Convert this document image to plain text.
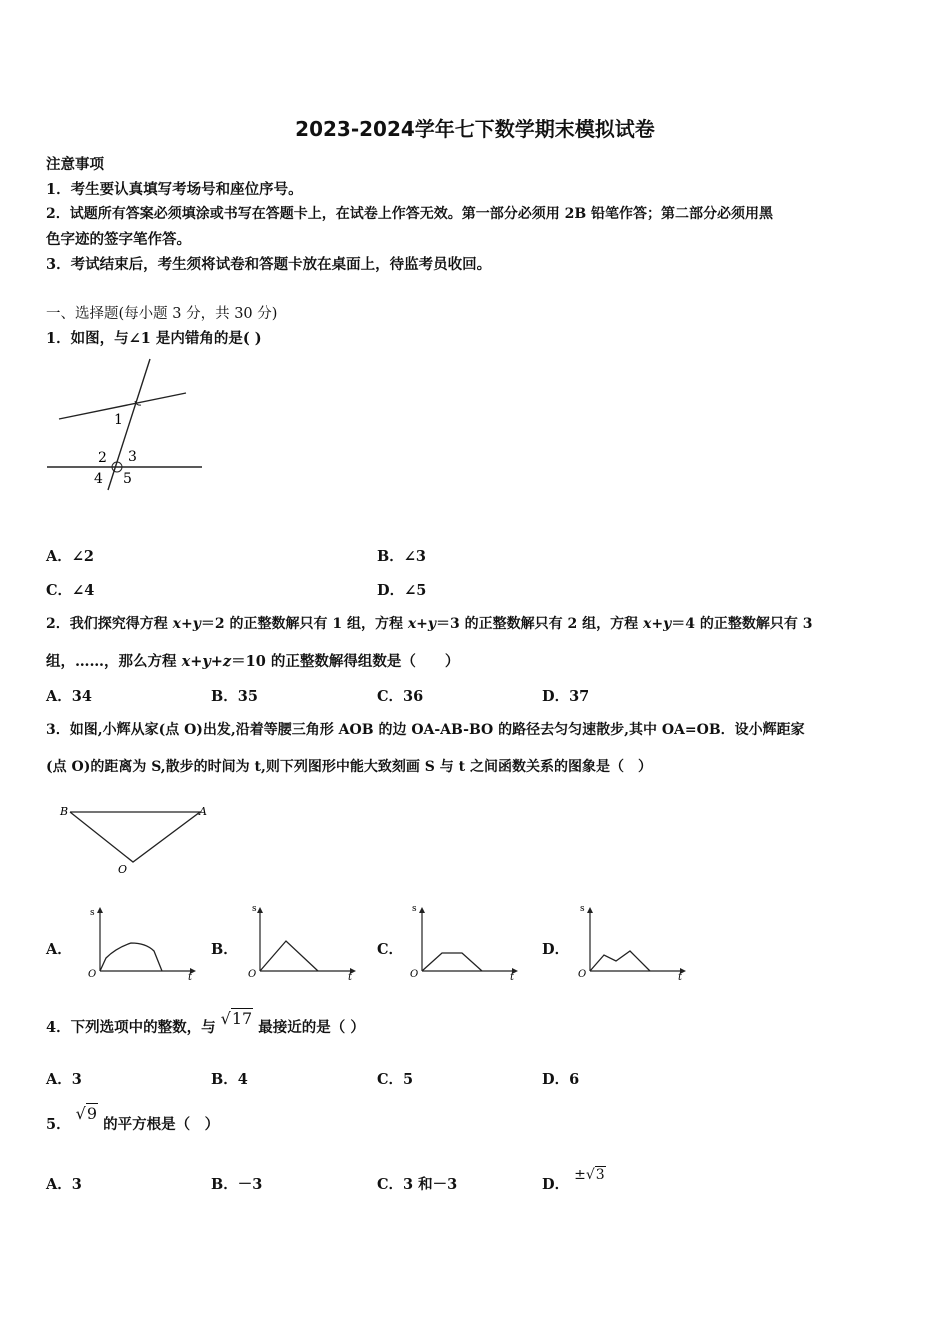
2023-2024学年七下数学期末模拟试卷
注意事项
1．考生要认真填写考场号和座位序号。
2．试题所有答案必须填涂或书写在答题卡上，在试卷上作答无效。第一部分必须用 2B 铅笔作答；第二部分必须用黑
色字迹的签字笔作答。
3．考试结束后，考生须将试卷和答题卡放在桌面上，待监考员收回。
一、选择题(每小题 3 分，共 30 分)
1．如图，与∠1 是内错角的是( )
1
2 3
4 5
A．∠2	B．∠3
C．∠4	D．∠5
2．我们探究得方程 x+y＝2 的正整数解只有 1 组，方程 x+y＝3 的正整数解只有 2 组，方程 x+y＝4 的正整数解只有 3
组，……，那么方程 x+y+z＝10 的正整数解得组数是（　　）
A．34	B．35	C．36	D．37
3．如图,小辉从家(点 O)出发,沿着等腰三角形 AOB 的边 OA-AB-BO 的路径去匀匀速散步,其中 OA=OB．设小辉距家
(点 O)的距离为 S,散步的时间为 t,则下列图形中能大致刻画 S 与 t 之间函数关系的图象是（　）
B	A
O
A．
s
t
O
B．
s
t
O
C．
s
t
O
D．
s
t
O
4．下列选项中的整数，与 √17 最接近的是（ ）
A．3	B．4	C．5	D．6
5． √9 的平方根是（　）
A．3	B．－3	C．3 和－3	D． ±√3
